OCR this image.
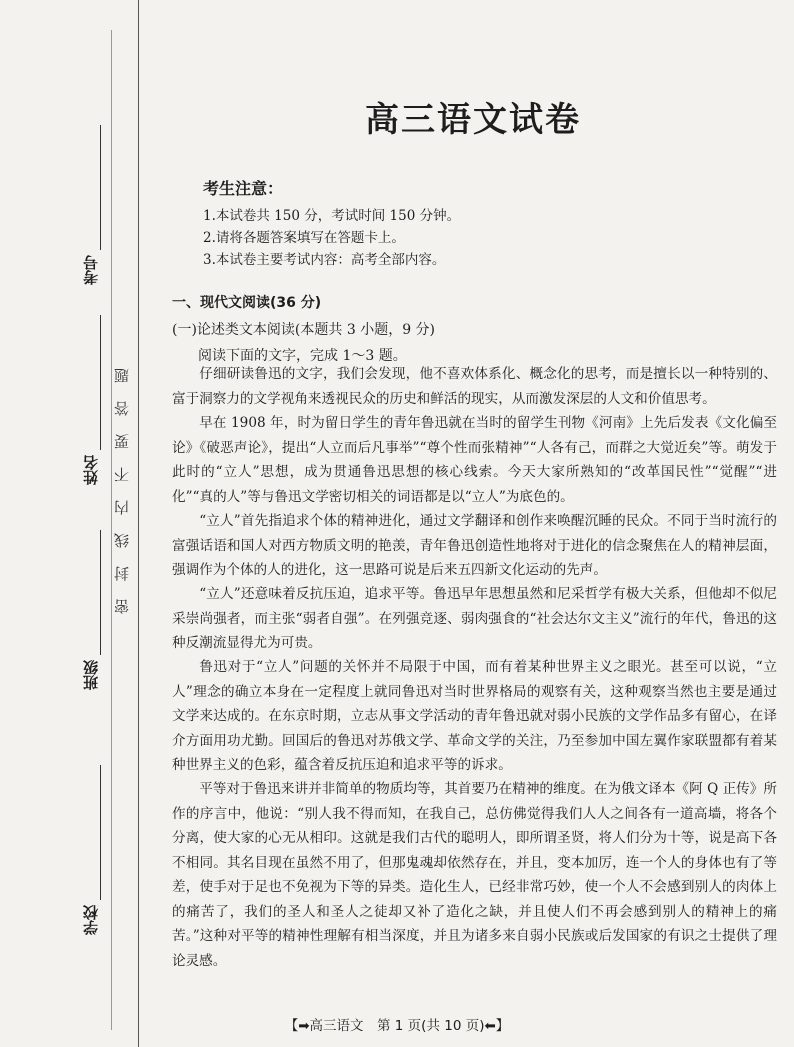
考号
姓名
班级
学校
密封线内不要答题
高三语文试卷
考生注意：
1.本试卷共 150 分，考试时间 150 分钟。
2.请将各题答案填写在答题卡上。
3.本试卷主要考试内容：高考全部内容。
一、现代文阅读(36 分)
(一)论述类文本阅读(本题共 3 小题，9 分)
阅读下面的文字，完成 1～3 题。
仔细研读鲁迅的文字，我们会发现，他不喜欢体系化、概念化的思考，而是擅长以一种特别的、富于洞察力的文学视角来透视民众的历史和鲜活的现实，从而激发深层的人文和价值思考。
早在 1908 年，时为留日学生的青年鲁迅就在当时的留学生刊物《河南》上先后发表《文化偏至论》《破恶声论》，提出“人立而后凡事举”“尊个性而张精神”“人各有己，而群之大觉近矣”等。萌发于此时的“立人”思想，成为贯通鲁迅思想的核心线索。今天大家所熟知的“改革国民性”“觉醒”“进化”“真的人”等与鲁迅文学密切相关的词语都是以“立人”为底色的。
“立人”首先指追求个体的精神进化，通过文学翻译和创作来唤醒沉睡的民众。不同于当时流行的富强话语和国人对西方物质文明的艳羡，青年鲁迅创造性地将对于进化的信念聚焦在人的精神层面，强调作为个体的人的进化，这一思路可说是后来五四新文化运动的先声。
“立人”还意味着反抗压迫，追求平等。鲁迅早年思想虽然和尼采哲学有极大关系，但他却不似尼采崇尚强者，而主张“弱者自强”。在列强竞逐、弱肉强食的“社会达尔文主义”流行的年代，鲁迅的这种反潮流显得尤为可贵。
鲁迅对于“立人”问题的关怀并不局限于中国，而有着某种世界主义之眼光。甚至可以说，“立人”理念的确立本身在一定程度上就同鲁迅对当时世界格局的观察有关，这种观察当然也主要是通过文学来达成的。在东京时期，立志从事文学活动的青年鲁迅就对弱小民族的文学作品多有留心，在译介方面用功尤勤。回国后的鲁迅对苏俄文学、革命文学的关注，乃至参加中国左翼作家联盟都有着某种世界主义的色彩，蕴含着反抗压迫和追求平等的诉求。
平等对于鲁迅来讲并非简单的物质均等，其首要乃在精神的维度。在为俄文译本《阿 Q 正传》所作的序言中，他说：“别人我不得而知，在我自己，总仿佛觉得我们人人之间各有一道高墙，将各个分离，使大家的心无从相印。这就是我们古代的聪明人，即所谓圣贤，将人们分为十等，说是高下各不相同。其名目现在虽然不用了，但那鬼魂却依然存在，并且，变本加厉，连一个人的身体也有了等差，使手对于足也不免视为下等的异类。造化生人，已经非常巧妙，使一个人不会感到别人的肉体上的痛苦了，我们的圣人和圣人之徒却又补了造化之缺，并且使人们不再会感到别人的精神上的痛苦。”这种对平等的精神性理解有相当深度，并且为诸多来自弱小民族或后发国家的有识之士提供了理论灵感。
【➡高三语文　第 1 页(共 10 页)⬅】
